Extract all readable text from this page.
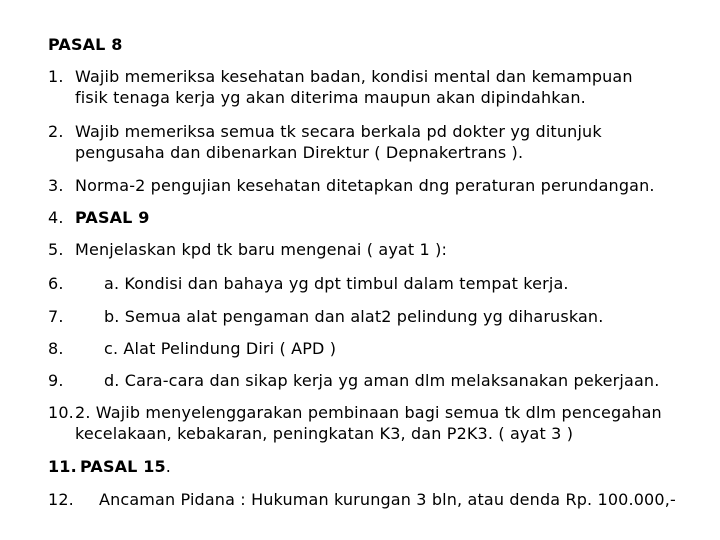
PASAL 8
1. Wajib memeriksa kesehatan badan, kondisi mental dan kemampuan
fisik tenaga kerja yg akan diterima maupun akan dipindahkan.
2. Wajib memeriksa semua tk secara berkala pd dokter yg ditunjuk
pengusaha dan dibenarkan Direktur ( Depnakertrans ).
3. Norma-2 pengujian kesehatan ditetapkan dng peraturan perundangan.
4. PASAL 9
5. Menjelaskan kpd tk baru mengenai ( ayat 1 ):
6.	a. Kondisi dan bahaya yg dpt timbul dalam tempat kerja.
7.	b. Semua alat pengaman dan alat2 pelindung yg diharuskan.
8.	c. Alat Pelindung Diri ( APD )
9.	d. Cara-cara dan sikap kerja yg aman dlm melaksanakan pekerjaan.
10. 2. Wajib menyelenggarakan pembinaan bagi semua tk dlm pencegahan
kecelakaan, kebakaran, peningkatan K3, dan P2K3. ( ayat 3 )
11. PASAL 15.
12. Ancaman Pidana : Hukuman kurungan 3 bln, atau denda Rp. 100.000,-
